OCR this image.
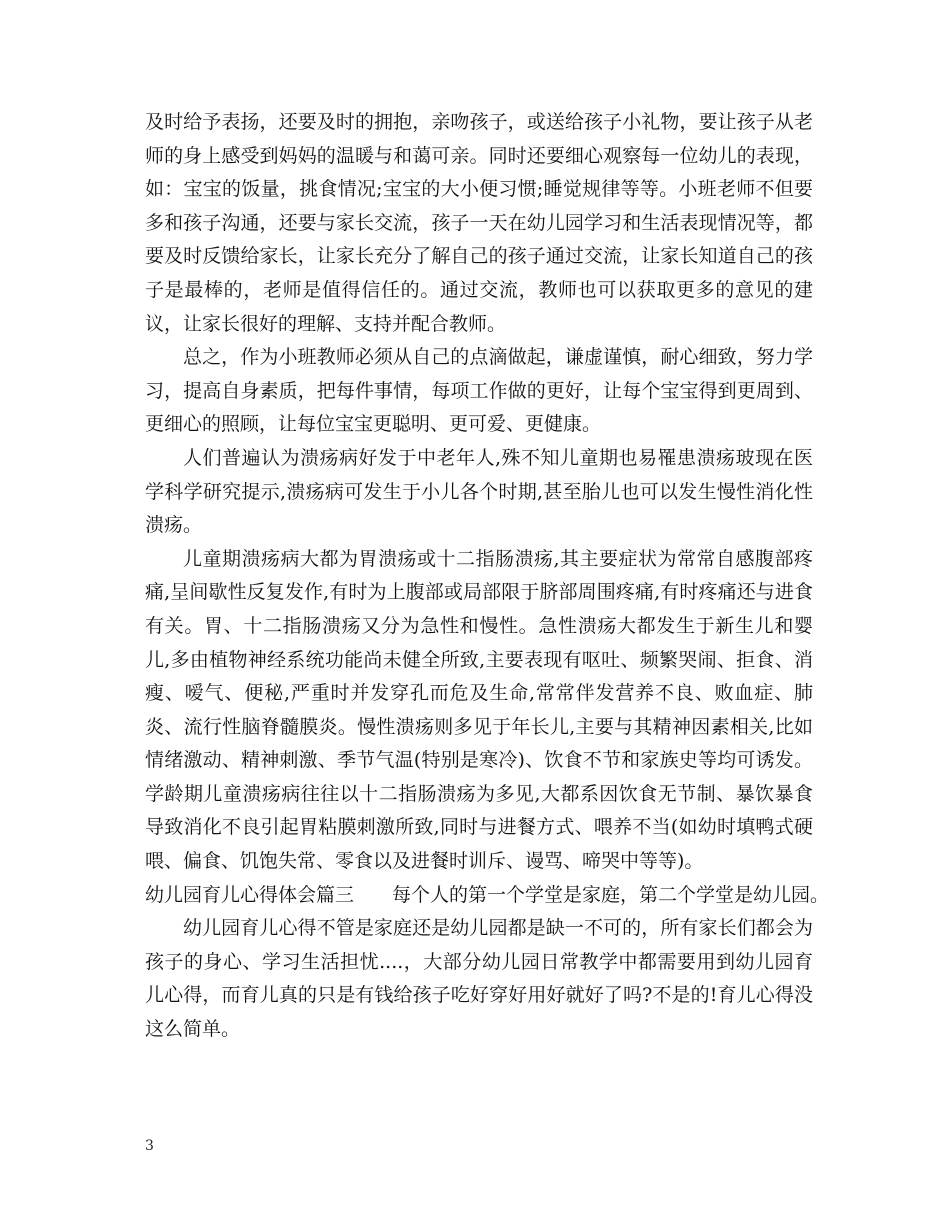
及时给予表扬，还要及时的拥抱，亲吻孩子，或送给孩子小礼物，要让孩子从老师的身上感受到妈妈的温暖与和蔼可亲。同时还要细心观察每一位幼儿的表现，如：宝宝的饭量，挑食情况;宝宝的大小便习惯;睡觉规律等等。小班老师不但要多和孩子沟通，还要与家长交流，孩子一天在幼儿园学习和生活表现情况等，都要及时反馈给家长，让家长充分了解自己的孩子通过交流，让家长知道自己的孩子是最棒的，老师是值得信任的。通过交流，教师也可以获取更多的意见的建议，让家长很好的理解、支持并配合教师。

总之，作为小班教师必须从自己的点滴做起，谦虚谨慎，耐心细致，努力学习，提高自身素质，把每件事情，每项工作做的更好，让每个宝宝得到更周到、更细心的照顾，让每位宝宝更聪明、更可爱、更健康。

人们普遍认为溃疡病好发于中老年人,殊不知儿童期也易罹患溃疡玻现在医学科学研究提示,溃疡病可发生于小儿各个时期,甚至胎儿也可以发生慢性消化性溃疡。

儿童期溃疡病大都为胃溃疡或十二指肠溃疡,其主要症状为常常自感腹部疼痛,呈间歇性反复发作,有时为上腹部或局部限于脐部周围疼痛,有时疼痛还与进食有关。胃、十二指肠溃疡又分为急性和慢性。急性溃疡大都发生于新生儿和婴儿,多由植物神经系统功能尚未健全所致,主要表现有呕吐、频繁哭闹、拒食、消瘦、嗳气、便秘,严重时并发穿孔而危及生命,常常伴发营养不良、败血症、肺炎、流行性脑脊髓膜炎。慢性溃疡则多见于年长儿,主要与其精神因素相关,比如情绪激动、精神刺激、季节气温(特别是寒冷)、饮食不节和家族史等均可诱发。学龄期儿童溃疡病往往以十二指肠溃疡为多见,大都系因饮食无节制、暴饮暴食导致消化不良引起胃粘膜刺激所致,同时与进餐方式、喂养不当(如幼时填鸭式硬喂、偏食、饥饱失常、零食以及进餐时训斥、谩骂、啼哭中等等)。

幼儿园育儿心得体会篇三 每个人的第一个学堂是家庭，第二个学堂是幼儿园。

幼儿园育儿心得不管是家庭还是幼儿园都是缺一不可的，所有家长们都会为孩子的身心、学习生活担忧....，大部分幼儿园日常教学中都需要用到幼儿园育儿心得，而育儿真的只是有钱给孩子吃好穿好用好就好了吗?不是的!育儿心得没这么简单。

3
